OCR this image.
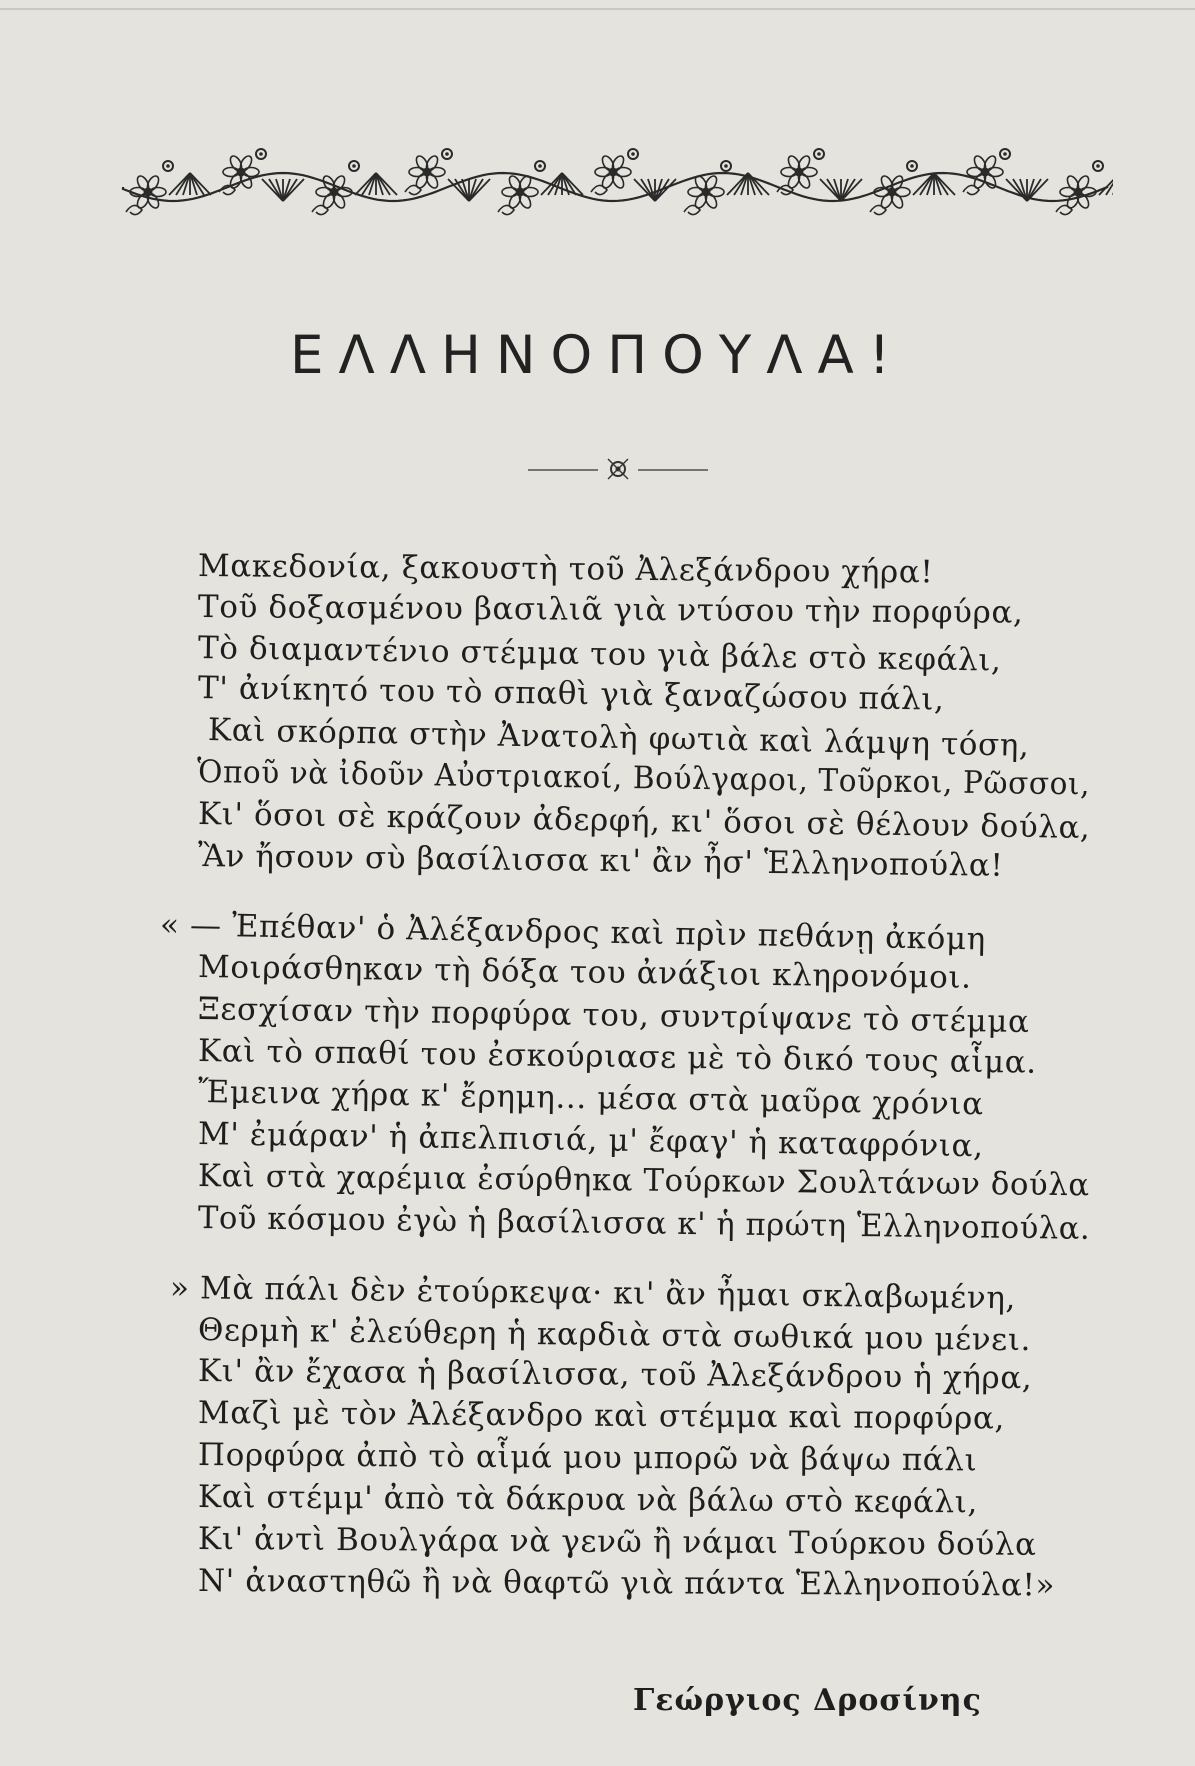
ΕΛΛΗΝΟΠΟΥΛΑ!
Μακεδονία, ξακουστὴ τοῦ Ἀλεξάνδρου χήρα!
Τοῦ δοξασμένου βασιλιᾶ γιὰ ντύσου τὴν πορφύρα,
Τὸ διαμαντένιο στέμμα του γιὰ βάλε στὸ κεφάλι,
Τ' ἀνίκητό του τὸ σπαθὶ γιὰ ξαναζώσου πάλι,
Καὶ σκόρπα στὴν Ἀνατολὴ φωτιὰ καὶ λάμψη τόση,
Ὁποῦ νὰ ἰδοῦν Αὐστριακοί, Βούλγαροι, Τοῦρκοι, Ρῶσσοι,
Κι' ὅσοι σὲ κράζουν ἀδερφή, κι' ὅσοι σὲ θέλουν δούλα,
Ἂν ἤσουν σὺ βασίλισσα κι' ἂν ἦσ' Ἑλληνοπούλα!
« — Ἐπέθαν' ὁ Ἀλέξανδρος καὶ πρὶν πεθάνῃ ἀκόμη
Μοιράσθηκαν τὴ δόξα του ἀνάξιοι κληρονόμοι.
Ξεσχίσαν τὴν πορφύρα του, συντρίψανε τὸ στέμμα
Καὶ τὸ σπαθί του ἐσκούριασε μὲ τὸ δικό τους αἷμα.
Ἔμεινα χήρα κ' ἔρημη... μέσα στὰ μαῦρα χρόνια
Μ' ἐμάραν' ἡ ἀπελπισιά, μ' ἔφαγ' ἡ καταφρόνια,
Καὶ στὰ χαρέμια ἐσύρθηκα Τούρκων Σουλτάνων δούλα
Τοῦ κόσμου ἐγὼ ἡ βασίλισσα κ' ἡ πρώτη Ἑλληνοπούλα.
» Μὰ πάλι δὲν ἐτούρκεψα· κι' ἂν ἦμαι σκλαβωμένη,
Θερμὴ κ' ἐλεύθερη ἡ καρδιὰ στὰ σωθικά μου μένει.
Κι' ἂν ἔχασα ἡ βασίλισσα, τοῦ Ἀλεξάνδρου ἡ χήρα,
Μαζὶ μὲ τὸν Ἀλέξανδρο καὶ στέμμα καὶ πορφύρα,
Πορφύρα ἀπὸ τὸ αἷμά μου μπορῶ νὰ βάψω πάλι
Καὶ στέμμ' ἀπὸ τὰ δάκρυα νὰ βάλω στὸ κεφάλι,
Κι' ἀντὶ Βουλγάρα νὰ γενῶ ἢ νάμαι Τούρκου δούλα
Ν' ἀναστηθῶ ἢ νὰ θαφτῶ γιὰ πάντα Ἑλληνοπούλα!»
Γεώργιος Δροσίνης
